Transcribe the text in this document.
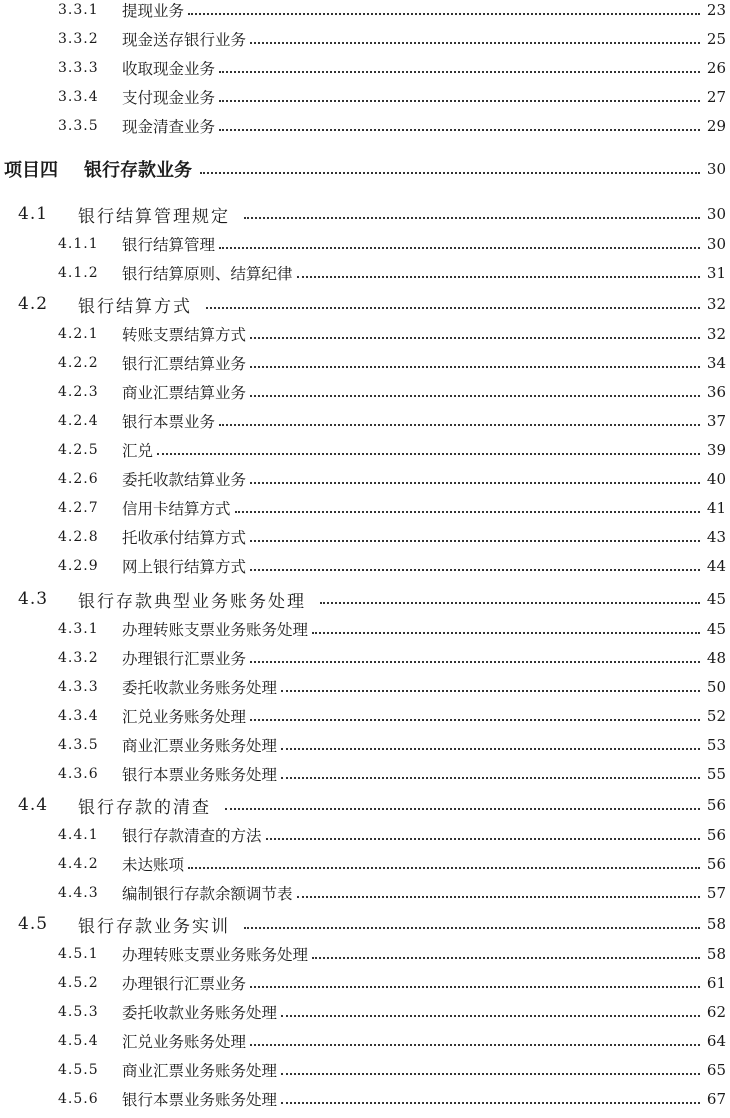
3.3.1	提现业务	23
3.3.2	现金送存银行业务	25
3.3.3	收取现金业务	26
3.3.4	支付现金业务	27
3.3.5	现金清查业务	29
项目四	银行存款业务	30
4.1	银行结算管理规定	30
4.1.1	银行结算管理	30
4.1.2	银行结算原则、结算纪律	31
4.2	银行结算方式	32
4.2.1	转账支票结算方式	32
4.2.2	银行汇票结算业务	34
4.2.3	商业汇票结算业务	36
4.2.4	银行本票业务	37
4.2.5	汇兑	39
4.2.6	委托收款结算业务	40
4.2.7	信用卡结算方式	41
4.2.8	托收承付结算方式	43
4.2.9	网上银行结算方式	44
4.3	银行存款典型业务账务处理	45
4.3.1	办理转账支票业务账务处理	45
4.3.2	办理银行汇票业务	48
4.3.3	委托收款业务账务处理	50
4.3.4	汇兑业务账务处理	52
4.3.5	商业汇票业务账务处理	53
4.3.6	银行本票业务账务处理	55
4.4	银行存款的清查	56
4.4.1	银行存款清查的方法	56
4.4.2	未达账项	56
4.4.3	编制银行存款余额调节表	57
4.5	银行存款业务实训	58
4.5.1	办理转账支票业务账务处理	58
4.5.2	办理银行汇票业务	61
4.5.3	委托收款业务账务处理	62
4.5.4	汇兑业务账务处理	64
4.5.5	商业汇票业务账务处理	65
4.5.6	银行本票业务账务处理	67
